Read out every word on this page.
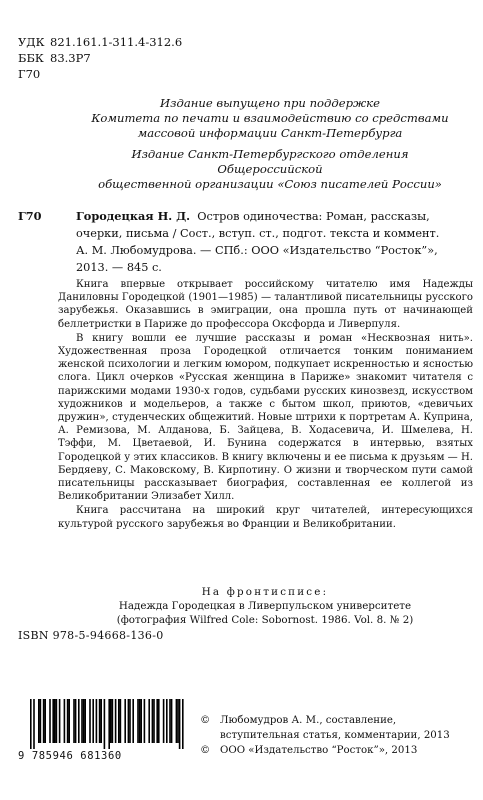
УДК 821.161.1-311.4-312.6
ББК 83.3Р7
Г70
Издание выпущено при поддержке
Комитета по печати и взаимодействию со средствами
массовой информации Санкт-Петербурга
Издание Санкт-Петербургского отделения Общероссийской
общественной организации «Союз писателей России»
Г70	Городецкая Н. Д. Остров одиночества: Роман, рассказы,
очерки, письма / Сост., вступ. ст., подгот. текста и коммент.
А. М. Любомудрова. — СПб.: ООО «Издательство “Росток”»,
2013. — 845 с.

Книга впервые открывает российскому читателю имя Надежды Даниловны Городецкой (1901—1985) — талантливой писательницы русского зарубежья. Оказавшись в эмиграции, она прошла путь от начинающей беллетристки в Париже до профессора Оксфорда и Ливерпуля.

В книгу вошли ее лучшие рассказы и роман «Несквозная нить». Художественная проза Городецкой отличается тонким пониманием женской психологии и легким юмором, подкупает искренностью и ясностью слога. Цикл очерков «Русская женщина в Париже» знакомит читателя с парижскими модами 1930-х годов, судьбами русских кинозвезд, искусством художников и модельеров, а также с бытом школ, приютов, «девичьих дружин», студенческих общежитий. Новые штрихи к портретам А. Куприна, А. Ремизова, М. Алданова, Б. Зайцева, В. Ходасевича, И. Шмелева, Н. Тэффи, М. Цветаевой, И. Бунина содержатся в интервью, взятых Городецкой у этих классиков. В книгу включены и ее письма к друзьям — Н. Бердяеву, С. Маковскому, В. Кирпотину. О жизни и творческом пути самой писательницы рассказывает биография, составленная ее коллегой из Великобритании Элизабет Хилл.

Книга рассчитана на широкий круг читателей, интересующихся культурой русского зарубежья во Франции и Великобритании.

На фронтисписе:
Надежда Городецкая в Ливерпульском университете
(фотография Wilfred Cole: Sobornost. 1986. Vol. 8. № 2)
ISBN 978-5-94668-136-0
9 785946 681360
© Любомудров А. М., составление, вступительная статья, комментарии, 2013
© ООО «Издательство “Росток”», 2013
